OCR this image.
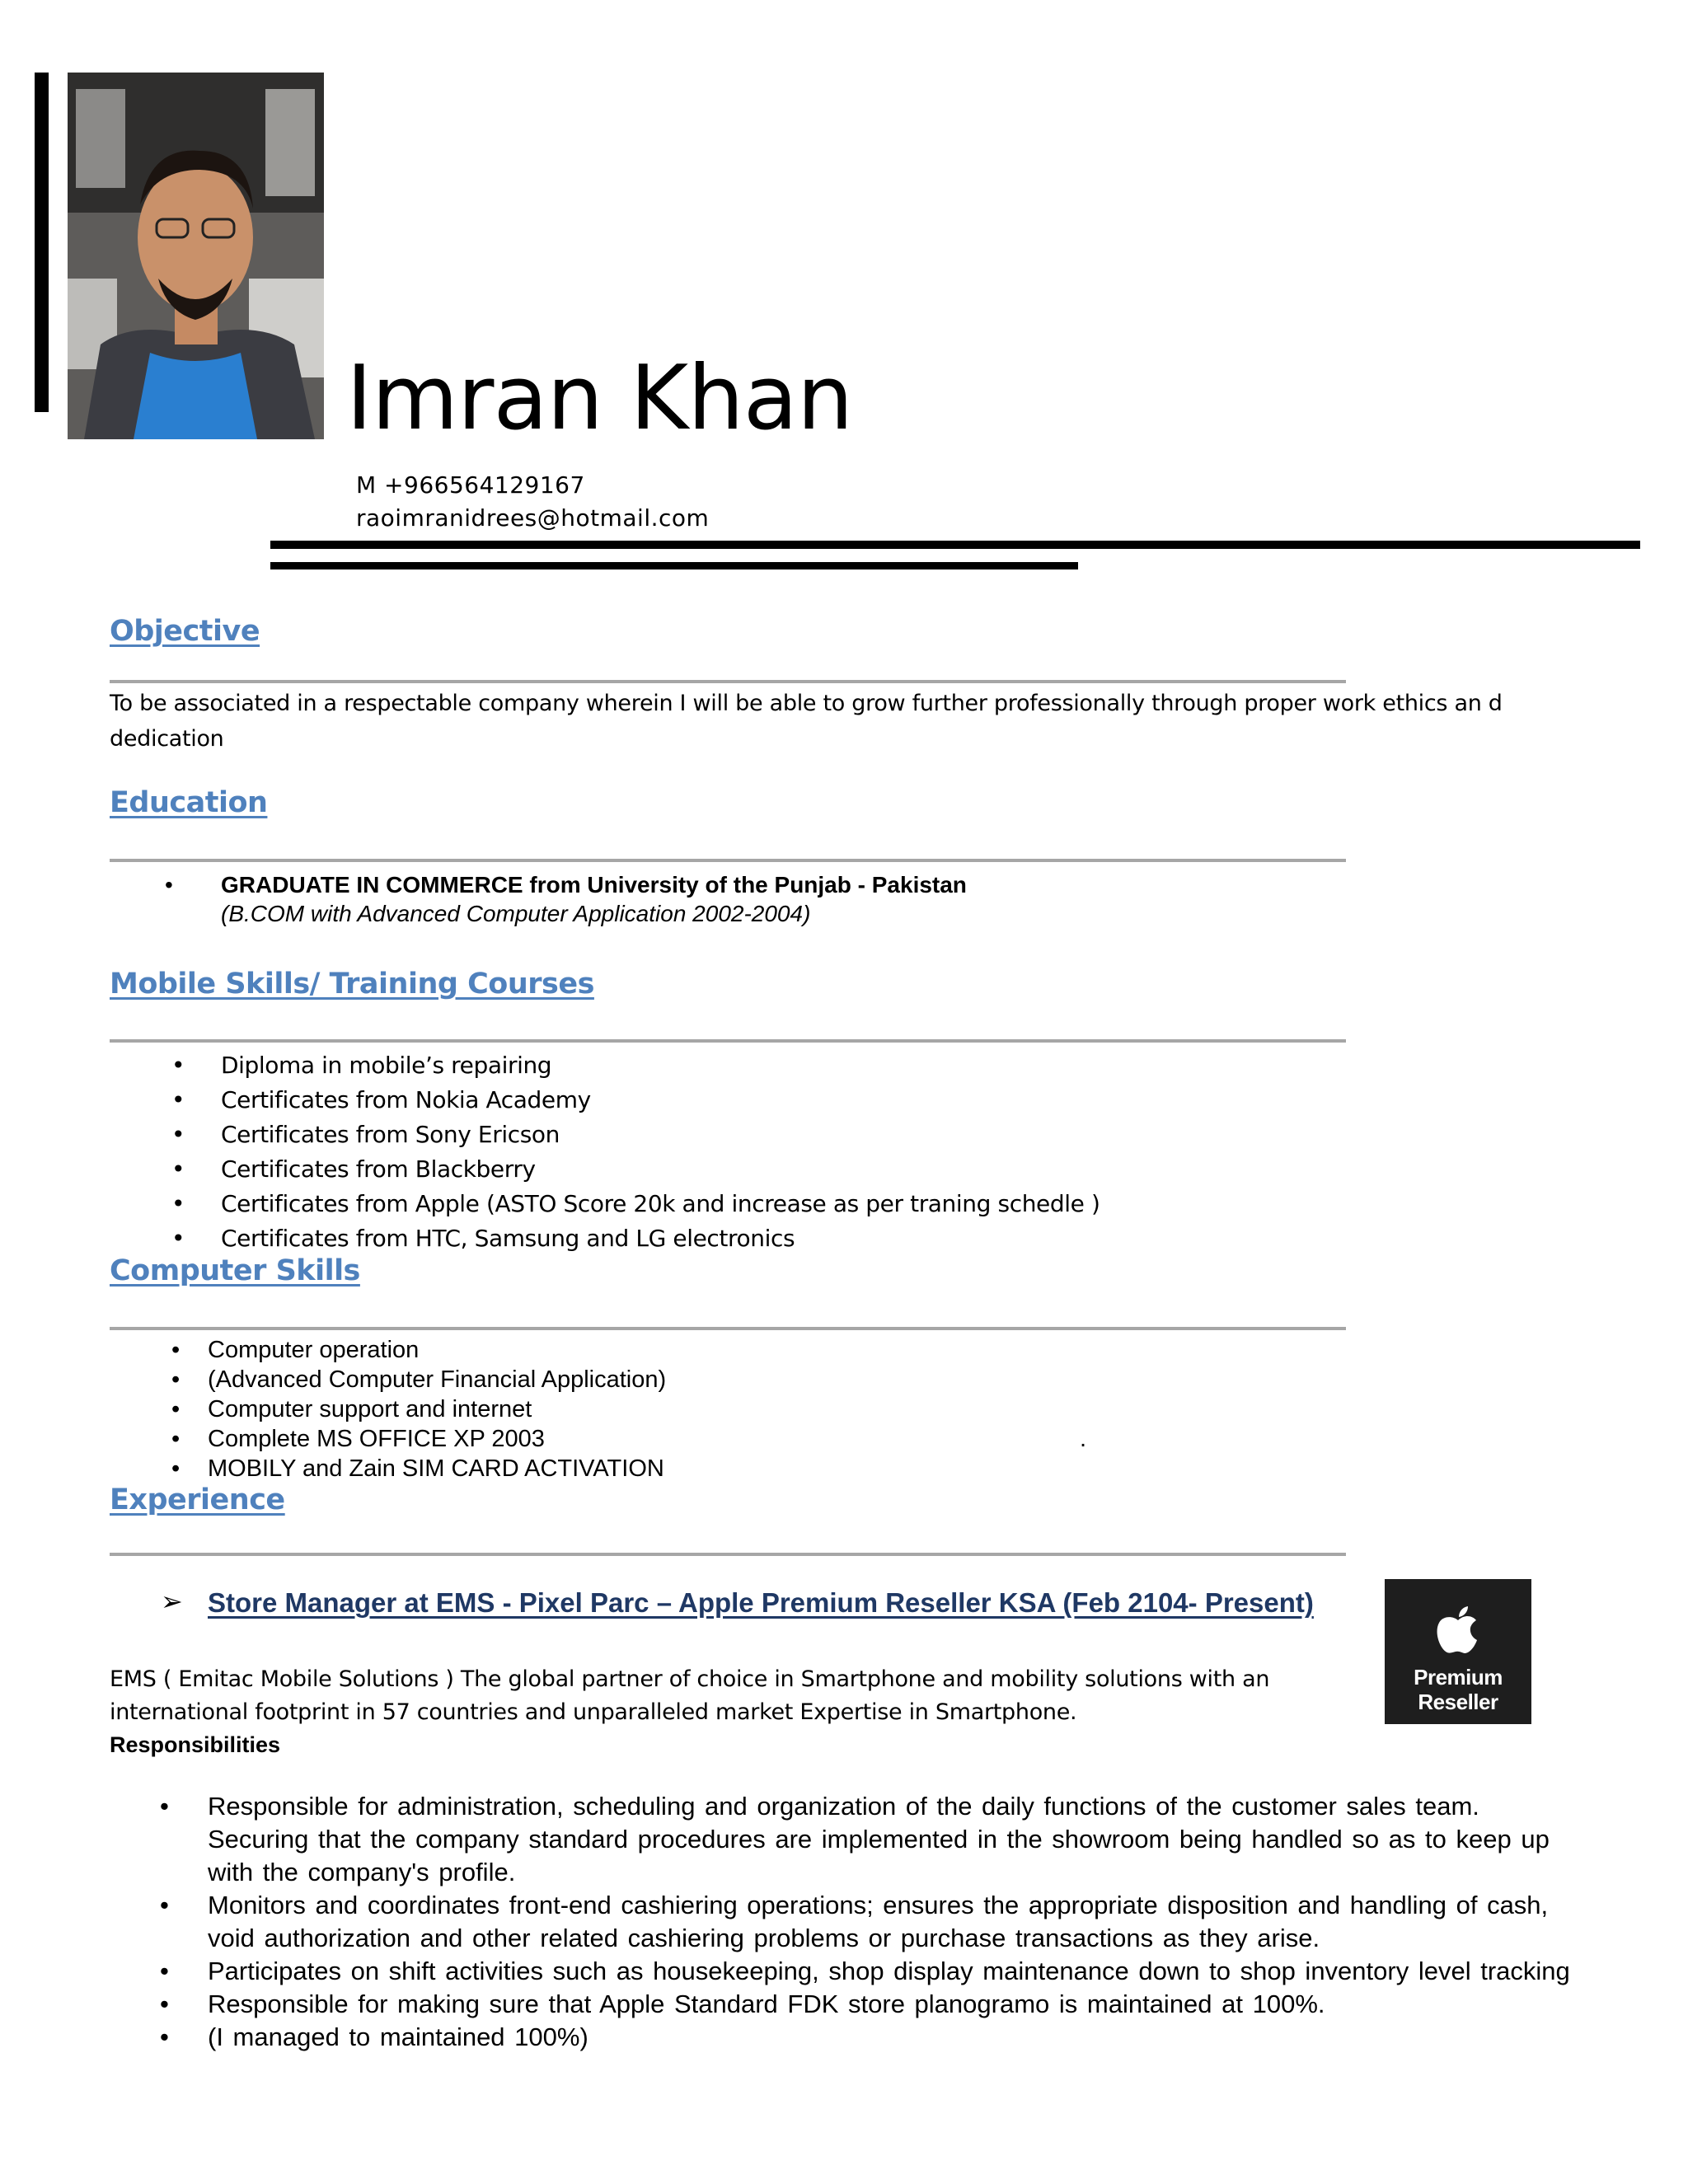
Imran Khan
M +966564129167
raoimranidrees@hotmail.com
Objective
To be associated in a respectable company wherein I will be able to grow further professionally through proper work ethics an d dedication
Education
• GRADUATE IN COMMERCE from University of the Punjab - Pakistan
(B.COM with Advanced Computer Application 2002-2004)
Mobile Skills/ Training Courses
• Diploma in mobile’s repairing
• Certificates from Nokia Academy
• Certificates from Sony Ericson
• Certificates from Blackberry
• Certificates from Apple (ASTO Score 20k and increase as per traning schedle )
• Certificates from HTC, Samsung and LG electronics
Computer Skills
• Computer operation
• (Advanced Computer Financial Application)
• Computer support and internet
• Complete MS OFFICE XP 2003
• MOBILY and Zain SIM CARD ACTIVATION
.
Experience
➢ Store Manager at EMS - Pixel Parc – Apple Premium Reseller KSA (Feb 2104- Present)
Premium
Reseller
EMS ( Emitac Mobile Solutions ) The global partner of choice in Smartphone and mobility solutions with an international footprint in 57 countries and unparalleled market Expertise in Smartphone.
Responsibilities
• Responsible for administration, scheduling and organization of the daily functions of the customer sales team. Securing that the company standard procedures are implemented in the showroom being handled so as to keep up with the company's profile.
• Monitors and coordinates front-end cashiering operations; ensures the appropriate disposition and handling of cash, void authorization and other related cashiering problems or purchase transactions as they arise.
• Participates on shift activities such as housekeeping, shop display maintenance down to shop inventory level tracking
• Responsible for making sure that Apple Standard FDK store planogramo is maintained at 100%.
• (I managed to maintained 100%)
